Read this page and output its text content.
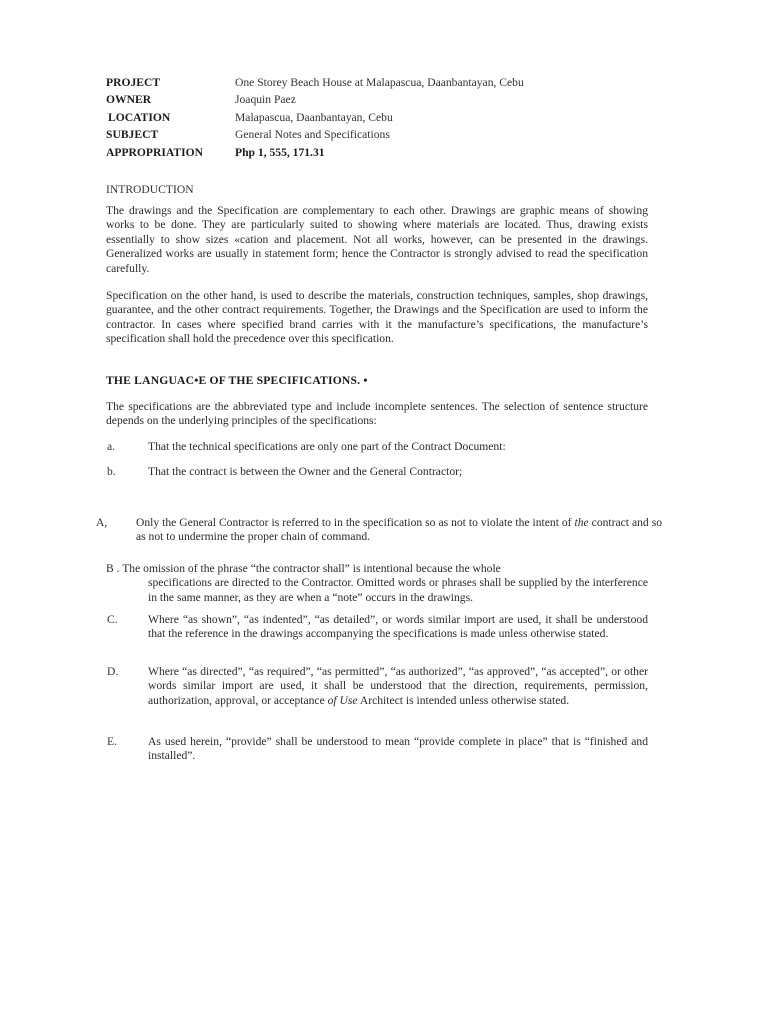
PROJECT	One Storey Beach House at Malapascua, Daanbantayan, Cebu
OWNER	Joaquin Paez
LOCATION	Malapascua, Daanbantayan, Cebu
SUBJECT	General Notes and Specifications
APPROPRIATION	Php 1, 555, 171.31
INTRODUCTION
The drawings and the Specification are complementary to each other. Drawings are graphic means of showing works to be done. They are particularly suited to showing where materials are located. Thus, drawing exists essentially to show sizes «cation and placement. Not all works, however, can be presented in the drawings. Generalized works are usually in statement form; hence the Contractor is strongly advised to read the specification carefully.
Specification on the other hand, is used to describe the materials, construction techniques, samples, shop drawings, guarantee, and the other contract requirements. Together, the Drawings and the Specification are used to inform the contractor. In cases where specified brand carries with it the manufacture’s specifications, the manufacture’s specification shall hold the precedence over this specification.
THE LANGUAC•E OF THE SPECIFICATIONS. •
The specifications are the abbreviated type and include incomplete sentences. The selection of sentence structure depends on the underlying principles of the specifications:
a.	That the technical specifications are only one part of the Contract Document:
b.	That the contract is between the Owner and the General Contractor;
A,	Only the General Contractor is referred to in the specification so as not to violate the intent of the contract and so as not to undermine the proper chain of command.
B . The omission of the phrase “the contractor shall” is intentional because the whole
specifications are directed to the Contractor. Omitted words or phrases shall be supplied by the interference in the same manner, as they are when a “note” occurs in the drawings.
C.	Where “as shown”, “as indented”, “as detailed”, or words similar import are used, it shall be understood that the reference in the drawings accompanying the specifications is made unless otherwise stated.
D.	Where “as directed”, “as required”, “as permitted”, “as authorized”, “as approved”, “as accepted”, or other words similar import are used, it shall be understood that the direction, requirements, permission, authorization, approval, or acceptance of Use Architect is intended unless otherwise stated.
E.	As used herein, “provide” shall be understood to mean “provide complete in place” that is “finished and installed”.
